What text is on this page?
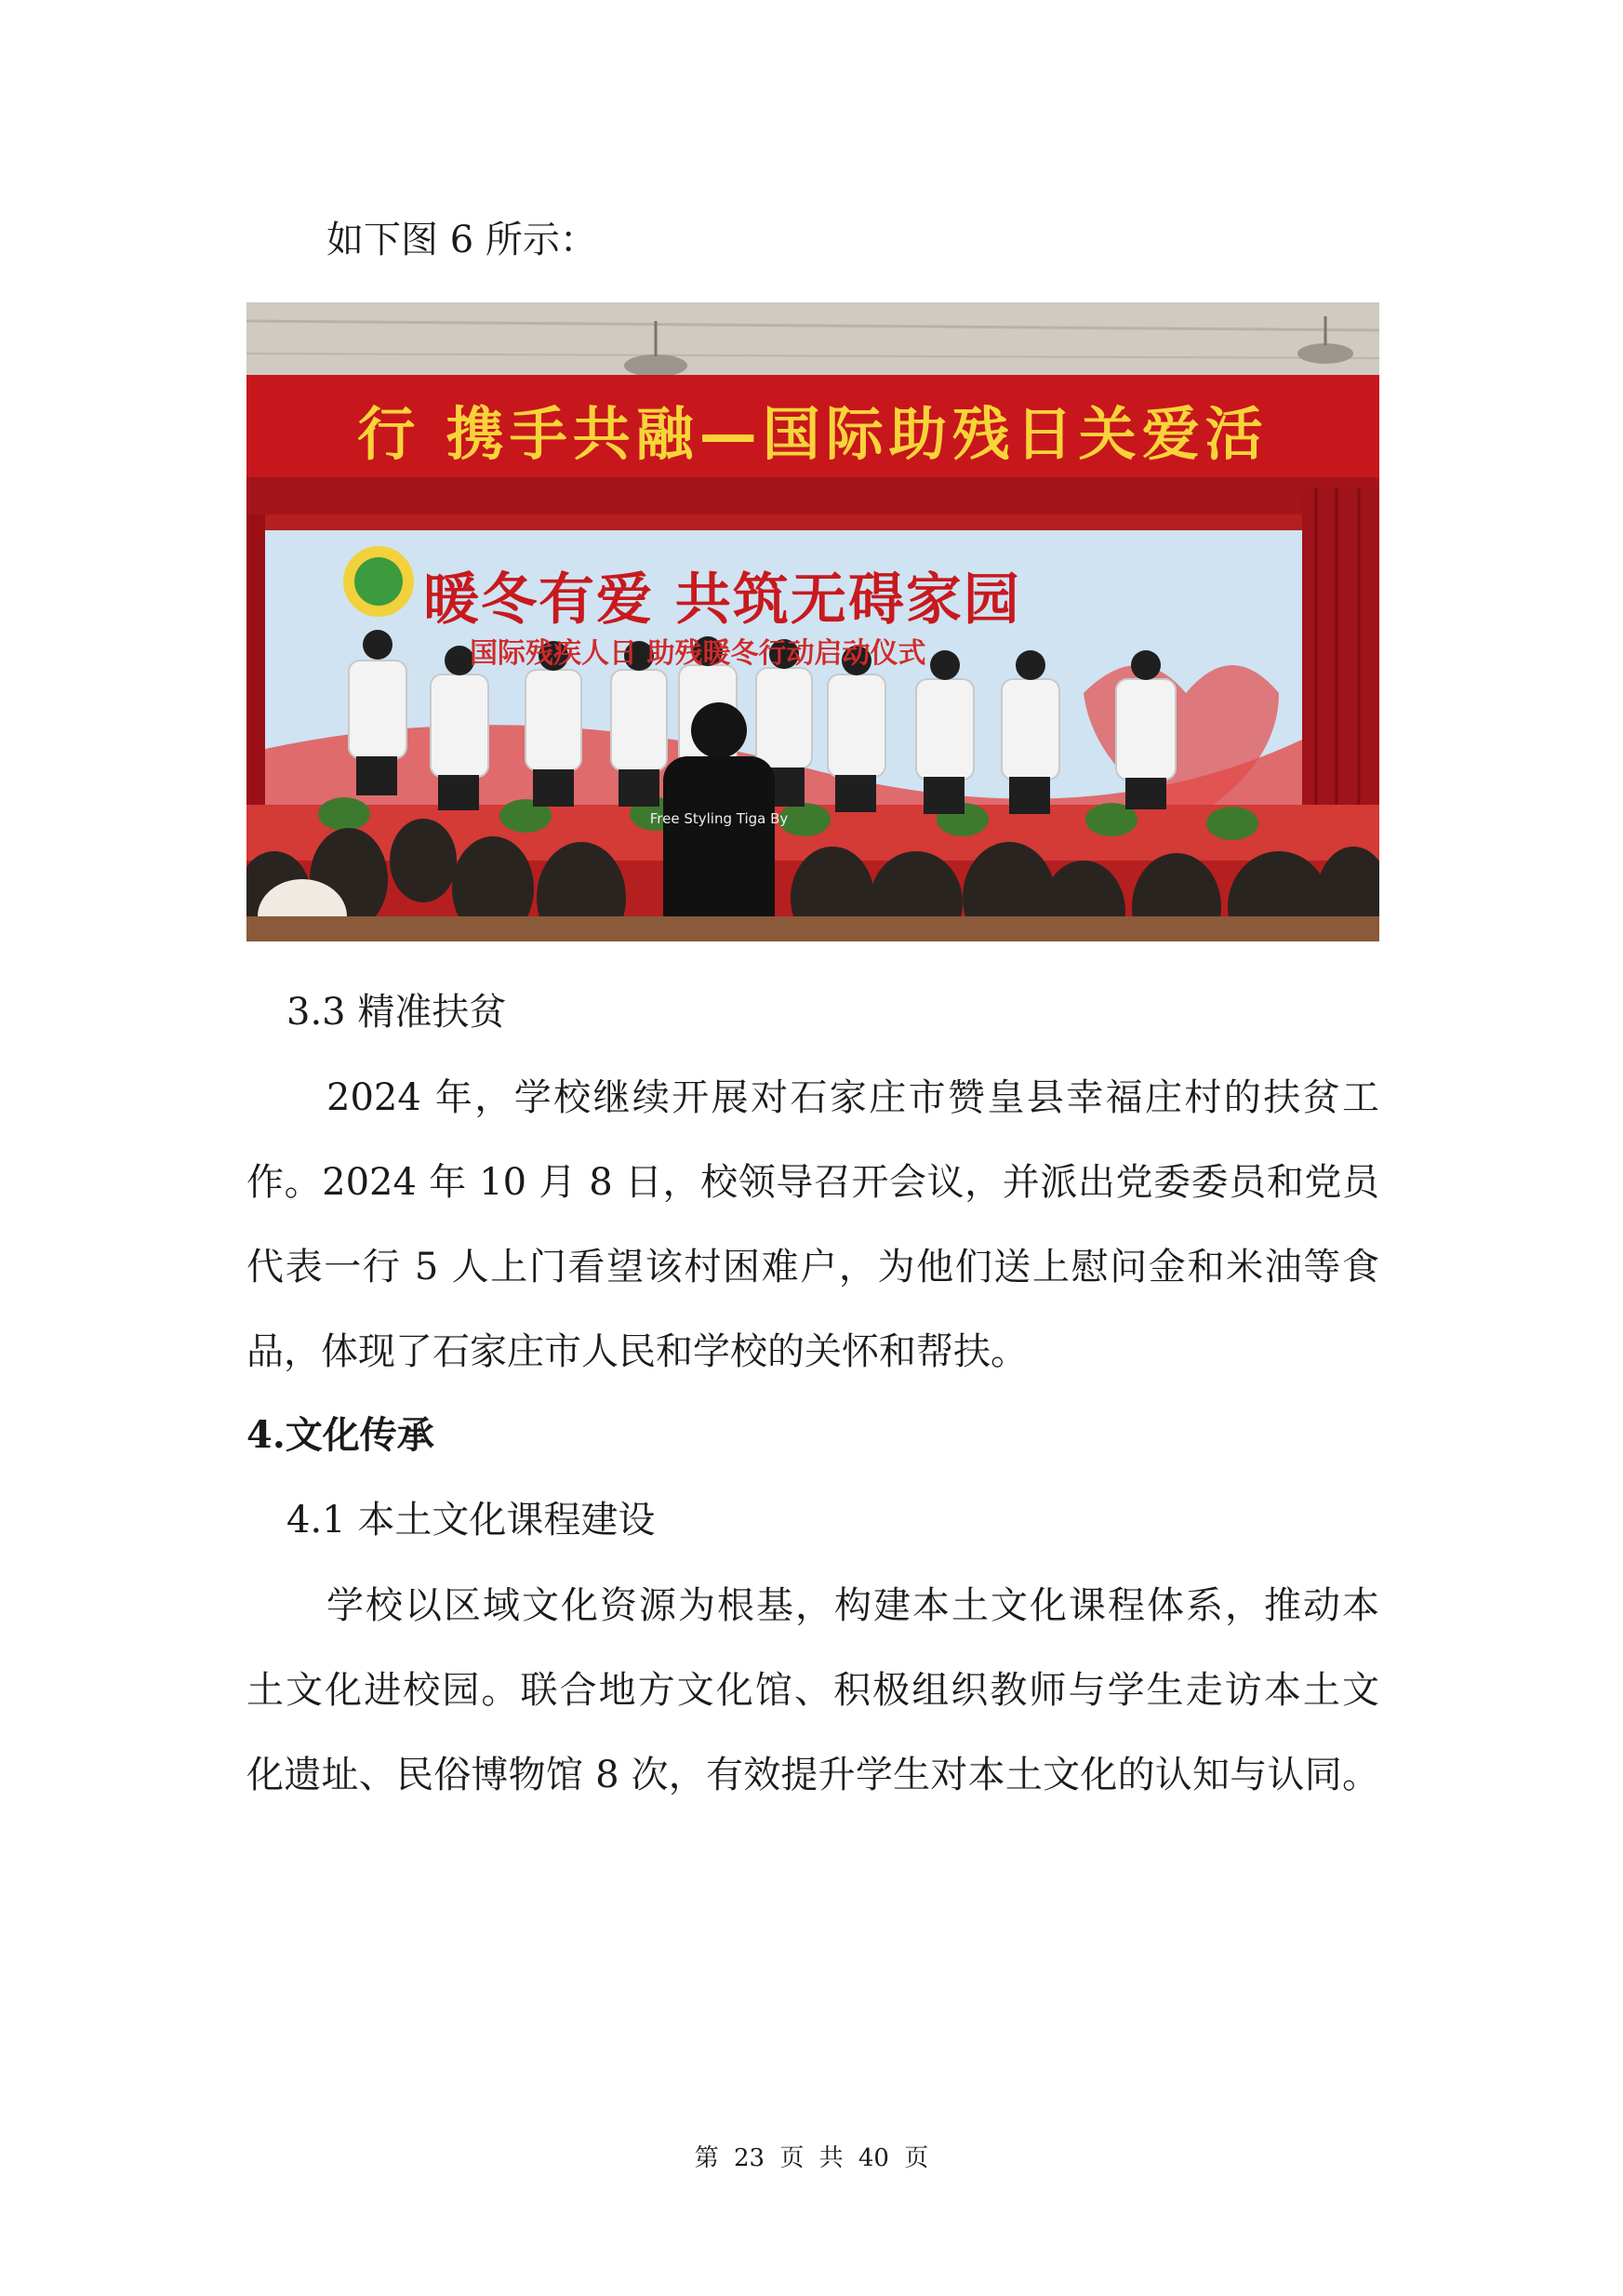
如下图 6 所示：

Free Styling Tiga By
行 携手共融—国际助残日关爱活
暖冬有爱 共筑无碍家园
国际残疾人日 助残暖冬行动启动仪式

3.3 精准扶贫

2024 年，学校继续开展对石家庄市赞皇县幸福庄村的扶贫工

作。2024 年 10 月 8 日，校领导召开会议，并派出党委委员和党员

代表一行 5 人上门看望该村困难户，为他们送上慰问金和米油等食

品，体现了石家庄市人民和学校的关怀和帮扶。

4.文化传承

4.1 本土文化课程建设

学校以区域文化资源为根基，构建本土文化课程体系，推动本

土文化进校园。联合地方文化馆、积极组织教师与学生走访本土文

化遗址、民俗博物馆 8 次，有效提升学生对本土文化的认知与认同。

第 23 页 共 40 页
